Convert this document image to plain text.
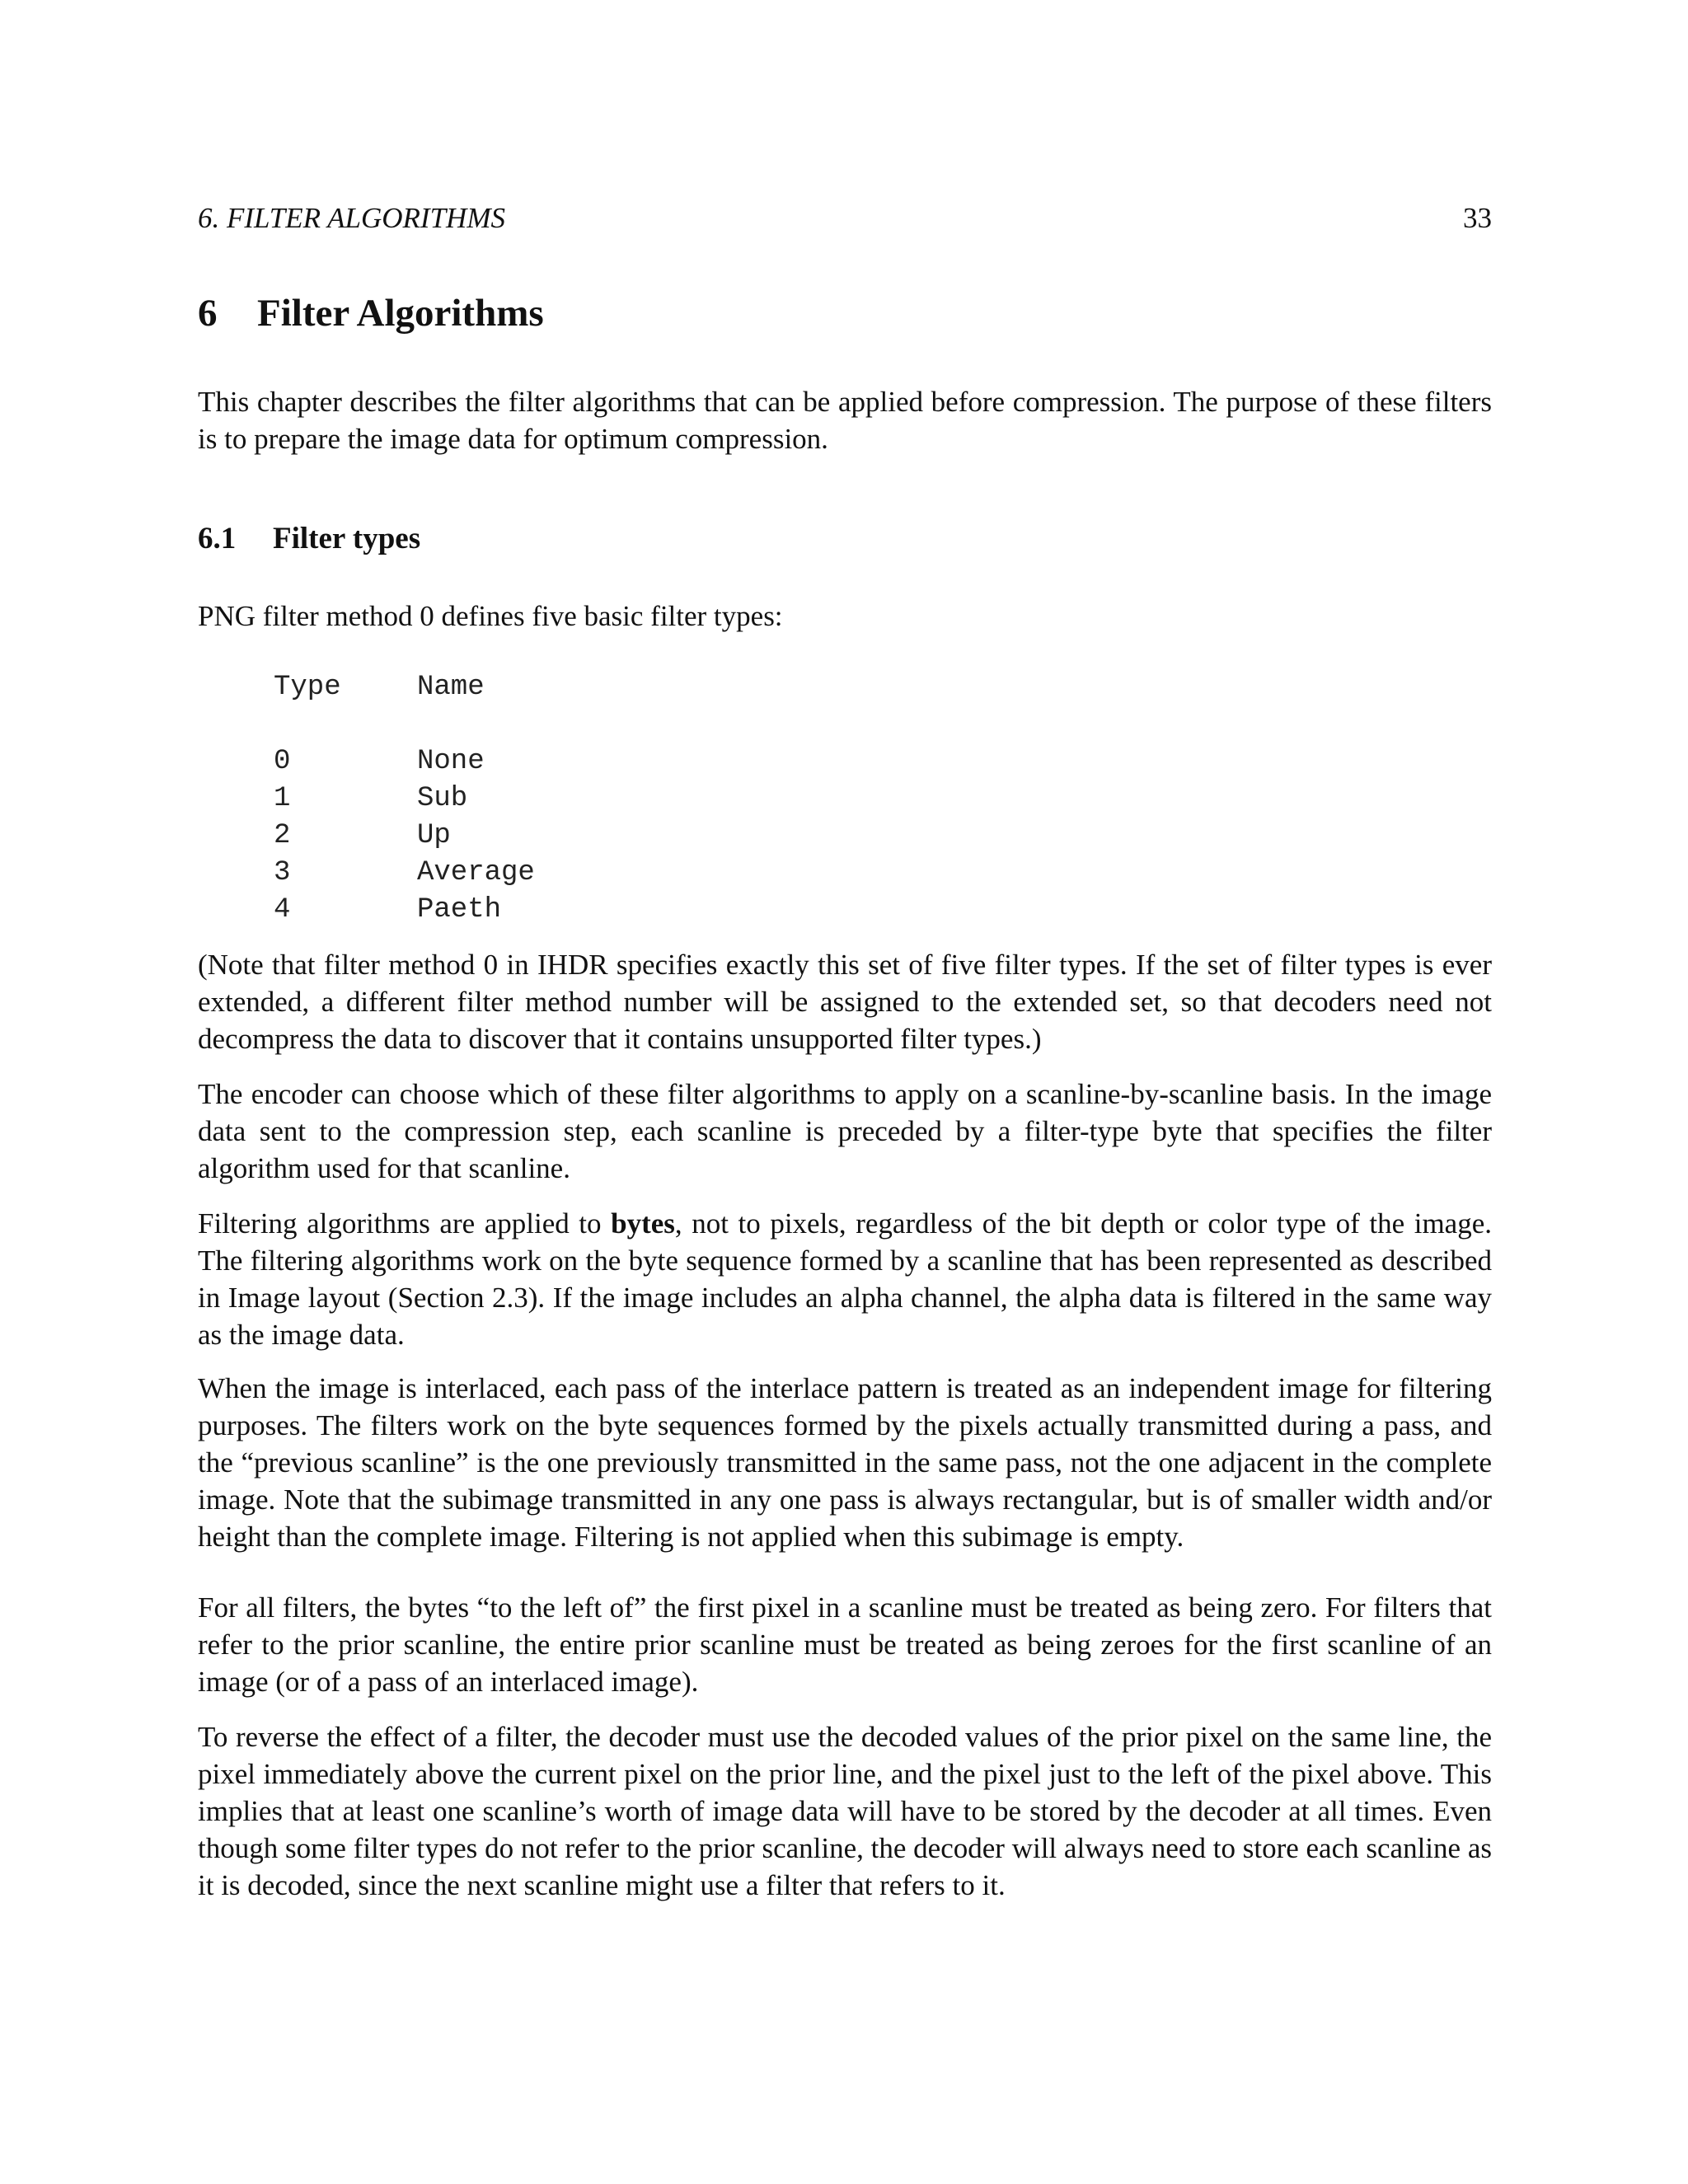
6. FILTER ALGORITHMS	33
6 Filter Algorithms

This chapter describes the filter algorithms that can be applied before compression. The purpose of these filters is to prepare the image data for optimum compression.

6.1 Filter types

PNG filter method 0 defines five basic filter types:

Type	Name
0	None
1	Sub
2	Up
3	Average
4	Paeth

(Note that filter method 0 in IHDR specifies exactly this set of five filter types. If the set of filter types is ever extended, a different filter method number will be assigned to the extended set, so that decoders need not decompress the data to discover that it contains unsupported filter types.)

The encoder can choose which of these filter algorithms to apply on a scanline-by-scanline basis. In the image data sent to the compression step, each scanline is preceded by a filter-type byte that specifies the filter algorithm used for that scanline.

Filtering algorithms are applied to bytes, not to pixels, regardless of the bit depth or color type of the image. The filtering algorithms work on the byte sequence formed by a scanline that has been represented as described in Image layout (Section 2.3). If the image includes an alpha channel, the alpha data is filtered in the same way as the image data.

When the image is interlaced, each pass of the interlace pattern is treated as an independent image for filtering purposes. The filters work on the byte sequences formed by the pixels actually transmitted during a pass, and the “previous scanline” is the one previously transmitted in the same pass, not the one adjacent in the complete image. Note that the subimage transmitted in any one pass is always rectangular, but is of smaller width and/or height than the complete image. Filtering is not applied when this subimage is empty.

For all filters, the bytes “to the left of” the first pixel in a scanline must be treated as being zero. For filters that refer to the prior scanline, the entire prior scanline must be treated as being zeroes for the first scanline of an image (or of a pass of an interlaced image).

To reverse the effect of a filter, the decoder must use the decoded values of the prior pixel on the same line, the pixel immediately above the current pixel on the prior line, and the pixel just to the left of the pixel above. This implies that at least one scanline’s worth of image data will have to be stored by the decoder at all times. Even though some filter types do not refer to the prior scanline, the decoder will always need to store each scanline as it is decoded, since the next scanline might use a filter that refers to it.
